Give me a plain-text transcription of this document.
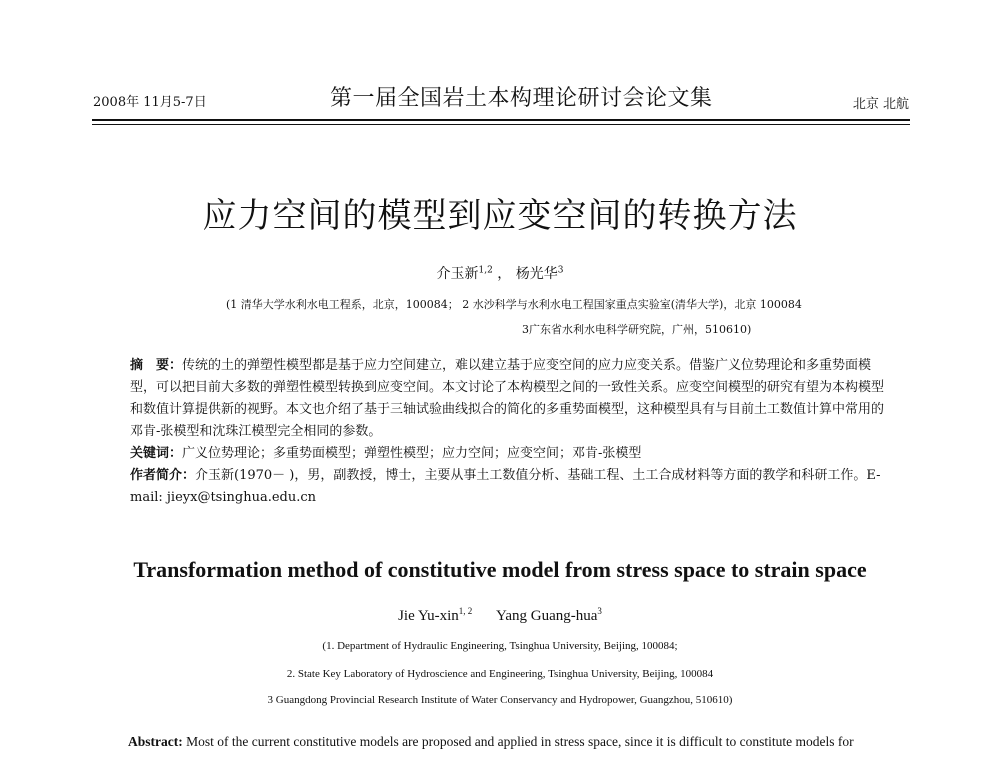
2008年 11月5-7日	第一届全国岩土本构理论研讨会论文集	北京 北航
应力空间的模型到应变空间的转换方法
介玉新$^{1,2}$ ， 杨光华$^3$
(1 清华大学水利水电工程系，北京，100084； 2 水沙科学与水利水电工程国家重点实验室(清华大学)，北京 100084
3广东省水利水电科学研究院，广州，510610)

摘　要：传统的土的弹塑性模型都是基于应力空间建立，难以建立基于应变空间的应力应变关系。借鉴广义位势理论和多重势面模型，可以把目前大多数的弹塑性模型转换到应变空间。本文讨论了本构模型之间的一致性关系。应变空间模型的研究有望为本构模型和数值计算提供新的视野。本文也介绍了基于三轴试验曲线拟合的简化的多重势面模型，这种模型具有与目前土工数值计算中常用的邓肯-张模型和沈珠江模型完全相同的参数。

关键词：广义位势理论；多重势面模型；弹塑性模型；应力空间；应变空间；邓肯-张模型

作者简介：介玉新(1970－ )，男，副教授，博士，主要从事土工数值分析、基础工程、土工合成材料等方面的教学和科研工作。E-mail: jieyx@tsinghua.edu.cn

Transformation method of constitutive model from stress space to strain space
Jie Yu-xin$^{1, 2}$ Yang Guang-hua$^3$
(1. Department of Hydraulic Engineering, Tsinghua University, Beijing, 100084;
2. State Key Laboratory of Hydroscience and Engineering, Tsinghua University, Beijing, 100084
3 Guangdong Provincial Research Institute of Water Conservancy and Hydropower, Guangzhou, 510610)
Abstract: Most of the current constitutive models are proposed and applied in stress space, since it is difficult to constitute models for
